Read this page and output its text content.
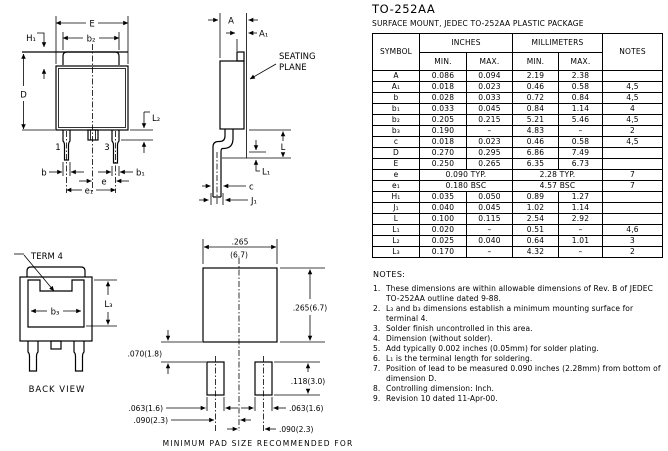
E
b₂
H₁
D
L₂
1	3
b	b₁
e
e₁
A
A₁
SEATING
PLANE
L
L₁
c
J₁
TERM 4
b₃
L₃
BACK VIEW
.265
(6.7)
.265(6.7)
.070(1.8)
.118(3.0)
.063(1.6)	.063(1.6)
.090(2.3)
.090(2.3)
MINIMUM PAD SIZE RECOMMENDED FOR
TO-252AA
SURFACE MOUNT, JEDEC TO-252AA PLASTIC PACKAGE
SYMBOL	INCHES		MILLIMETERS		NOTES
	MIN.	MAX.	MIN.	MAX.	
A	0.086	0.094	2.19	2.38	
A₁	0.018	0.023	0.46	0.58	4,5
b	0.028	0.033	0.72	0.84	4,5
b₁	0.033	0.045	0.84	1.14	4
b₂	0.205	0.215	5.21	5.46	4,5
b₃	0.190	–	4.83	–	2
c	0.018	0.023	0.46	0.58	4,5
D	0.270	0.295	6.86	7.49	
E	0.250	0.265	6.35	6.73	
e	0.090 TYP.		2.28 TYP.		7
e₁	0.180 BSC		4.57 BSC		7
H₁	0.035	0.050	0.89	1.27	
J₁	0.040	0.045	1.02	1.14	
L	0.100	0.115	2.54	2.92	
L₁	0.020	–	0.51	–	4,6
L₂	0.025	0.040	0.64	1.01	3
L₃	0.170	–	4.32	–	2
NOTES:
1. These dimensions are within allowable dimensions of Rev. B of JEDEC TO-252AA outline dated 9-88.
2. L₃ and b₃ dimensions establish a minimum mounting surface for terminal 4.
3. Solder finish uncontrolled in this area.
4. Dimension (without solder).
5. Add typically 0.002 inches (0.05mm) for solder plating.
6. L₁ is the terminal length for soldering.
7. Position of lead to be measured 0.090 inches (2.28mm) from bottom of dimension D.
8. Controlling dimension: Inch.
9. Revision 10 dated 11-Apr-00.
